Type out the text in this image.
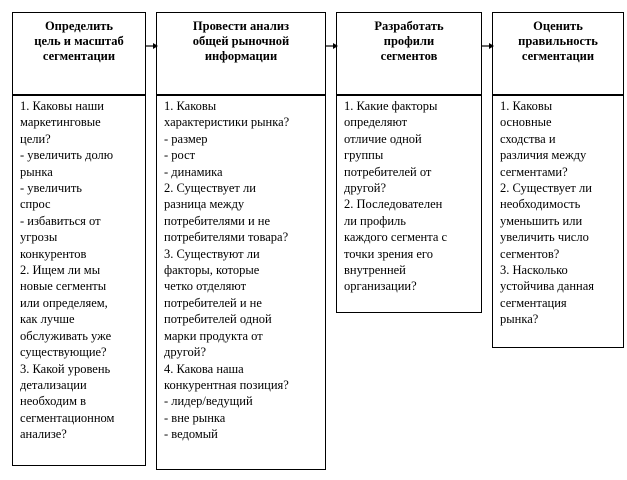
Определить
цель и масштаб
сегментации
1. Каковы наши
маркетинговые
цели?
- увеличить долю
рынка
- увеличить
спрос
- избавиться от
угрозы
конкурентов
2. Ищем ли мы
новые сегменты
или определяем,
как лучше
обслуживать уже
существующие?
3. Какой уровень
детализации
необходим в
сегментационном
анализе?
Провести анализ
общей рыночной
информации
1. Каковы
характеристики рынка?
- размер
- рост
- динамика
2. Существует ли
разница между
потребителями и не
потребителями товара?
3. Существуют ли
факторы, которые
четко отделяют
потребителей и не
потребителей одной
марки продукта от
другой?
4. Какова наша
конкурентная позиция?
- лидер/ведущий
- вне рынка
- ведомый
Разработать
профили
сегментов
1. Какие факторы
определяют
отличие одной
группы
потребителей от
другой?
2. Последователен
ли профиль
каждого сегмента с
точки зрения его
внутренней
организации?
Оценить
правильность
сегментации
1. Каковы
основные
сходства и
различия между
сегментами?
2. Существует ли
необходимость
уменьшить или
увеличить число
сегментов?
3. Насколько
устойчива данная
сегментация
рынка?
